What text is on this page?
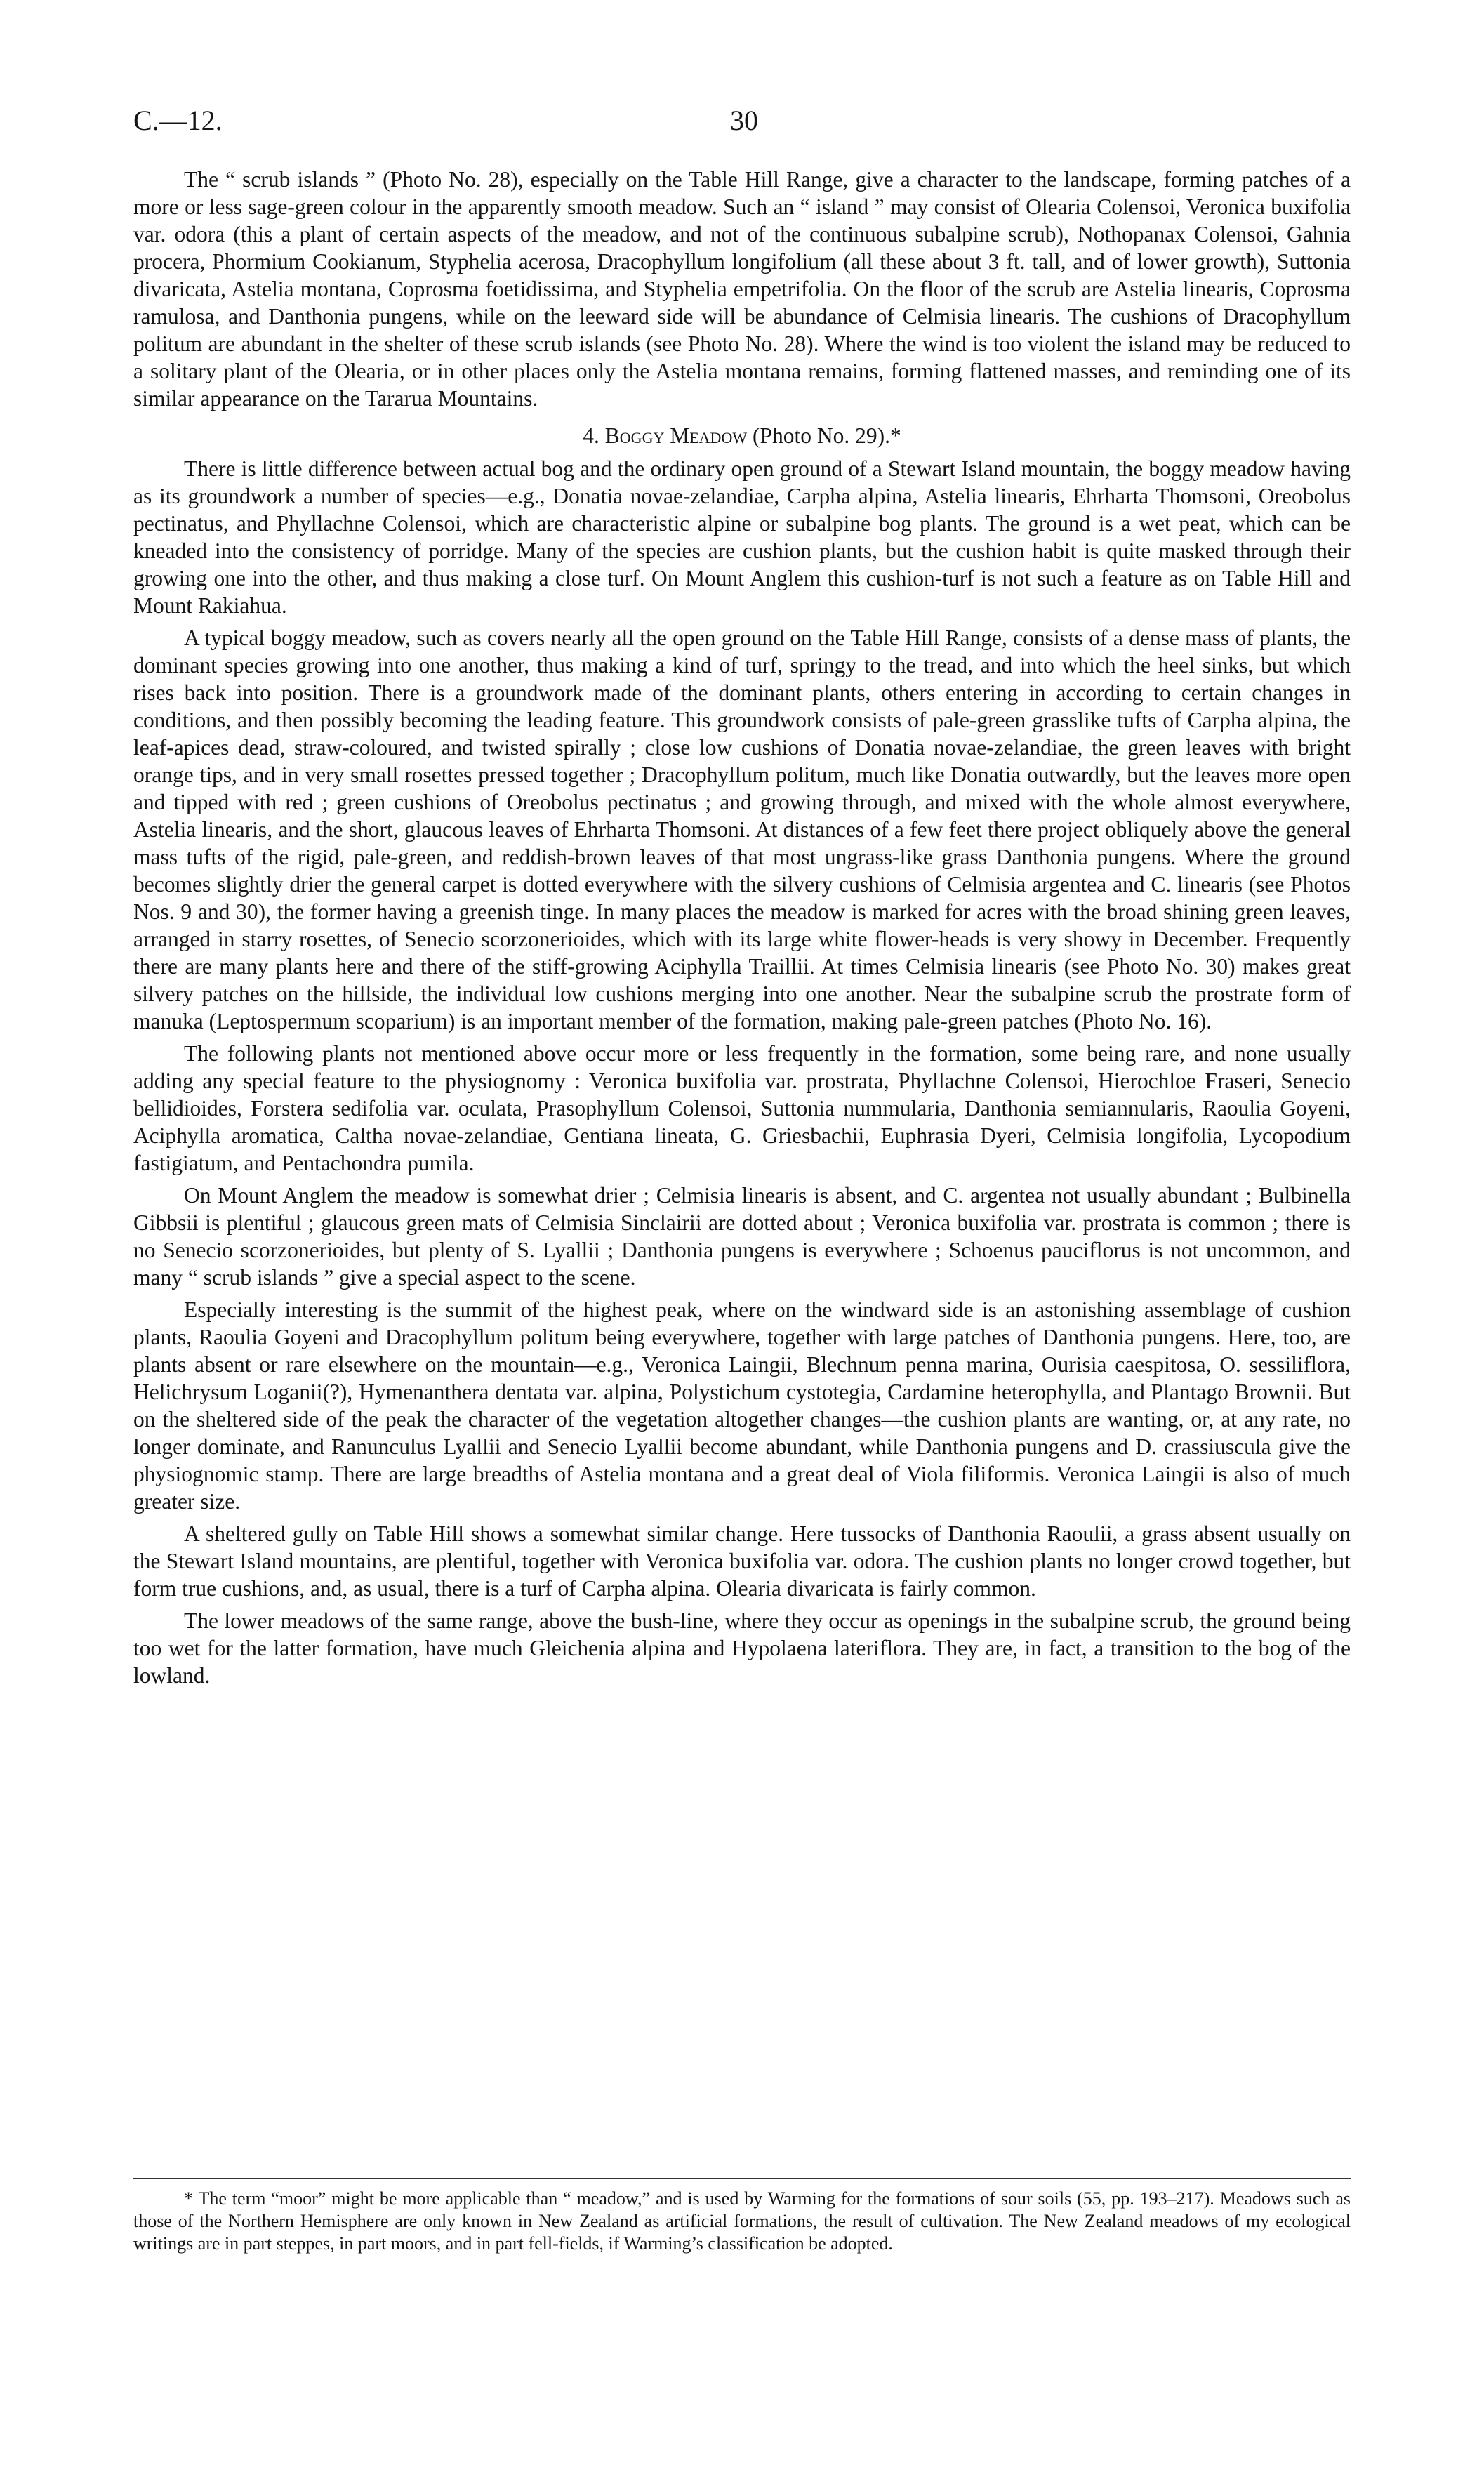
C.—12.	30

The “ scrub islands ” (Photo No. 28), especially on the Table Hill Range, give a character to the landscape, forming patches of a more or less sage-green colour in the apparently smooth meadow. Such an “ island ” may consist of Olearia Colensoi, Veronica buxifolia var. odora (this a plant of certain aspects of the meadow, and not of the continuous subalpine scrub), Nothopanax Colensoi, Gahnia procera, Phormium Cookianum, Styphelia acerosa, Dracophyllum longifolium (all these about 3 ft. tall, and of lower growth), Suttonia divaricata, Astelia montana, Coprosma foetidissima, and Styphelia empetrifolia. On the floor of the scrub are Astelia linearis, Coprosma ramulosa, and Danthonia pungens, while on the leeward side will be abundance of Celmisia linearis. The cushions of Dracophyllum politum are abundant in the shelter of these scrub islands (see Photo No. 28). Where the wind is too violent the island may be reduced to a solitary plant of the Olearia, or in other places only the Astelia montana remains, forming flattened masses, and reminding one of its similar appearance on the Tararua Mountains.

4. Boggy Meadow (Photo No. 29).*

There is little difference between actual bog and the ordinary open ground of a Stewart Island mountain, the boggy meadow having as its groundwork a number of species—e.g., Donatia novae-zelandiae, Carpha alpina, Astelia linearis, Ehrharta Thomsoni, Oreobolus pectinatus, and Phyllachne Colensoi, which are characteristic alpine or subalpine bog plants. The ground is a wet peat, which can be kneaded into the consistency of porridge. Many of the species are cushion plants, but the cushion habit is quite masked through their growing one into the other, and thus making a close turf. On Mount Anglem this cushion-turf is not such a feature as on Table Hill and Mount Rakiahua.

A typical boggy meadow, such as covers nearly all the open ground on the Table Hill Range, consists of a dense mass of plants, the dominant species growing into one another, thus making a kind of turf, springy to the tread, and into which the heel sinks, but which rises back into position. There is a groundwork made of the dominant plants, others entering in according to certain changes in conditions, and then possibly becoming the leading feature. This groundwork consists of pale-green grasslike tufts of Carpha alpina, the leaf-apices dead, straw-coloured, and twisted spirally ; close low cushions of Donatia novae-zelandiae, the green leaves with bright orange tips, and in very small rosettes pressed together ; Dracophyllum politum, much like Donatia outwardly, but the leaves more open and tipped with red ; green cushions of Oreobolus pectinatus ; and growing through, and mixed with the whole almost everywhere, Astelia linearis, and the short, glaucous leaves of Ehrharta Thomsoni. At distances of a few feet there project obliquely above the general mass tufts of the rigid, pale-green, and reddish-brown leaves of that most ungrass-like grass Danthonia pungens. Where the ground becomes slightly drier the general carpet is dotted everywhere with the silvery cushions of Celmisia argentea and C. linearis (see Photos Nos. 9 and 30), the former having a greenish tinge. In many places the meadow is marked for acres with the broad shining green leaves, arranged in starry rosettes, of Senecio scorzonerioides, which with its large white flower-heads is very showy in December. Frequently there are many plants here and there of the stiff-growing Aciphylla Traillii. At times Celmisia linearis (see Photo No. 30) makes great silvery patches on the hillside, the individual low cushions merging into one another. Near the subalpine scrub the prostrate form of manuka (Leptospermum scoparium) is an important member of the formation, making pale-green patches (Photo No. 16).

The following plants not mentioned above occur more or less frequently in the formation, some being rare, and none usually adding any special feature to the physiognomy : Veronica buxifolia var. prostrata, Phyllachne Colensoi, Hierochloe Fraseri, Senecio bellidioides, Forstera sedifolia var. oculata, Prasophyllum Colensoi, Suttonia nummularia, Danthonia semiannularis, Raoulia Goyeni, Aciphylla aromatica, Caltha novae-zelandiae, Gentiana lineata, G. Griesbachii, Euphrasia Dyeri, Celmisia longifolia, Lycopodium fastigiatum, and Pentachondra pumila.

On Mount Anglem the meadow is somewhat drier ; Celmisia linearis is absent, and C. argentea not usually abundant ; Bulbinella Gibbsii is plentiful ; glaucous green mats of Celmisia Sinclairii are dotted about ; Veronica buxifolia var. prostrata is common ; there is no Senecio scorzonerioides, but plenty of S. Lyallii ; Danthonia pungens is everywhere ; Schoenus pauciflorus is not uncommon, and many “ scrub islands ” give a special aspect to the scene.

Especially interesting is the summit of the highest peak, where on the windward side is an astonishing assemblage of cushion plants, Raoulia Goyeni and Dracophyllum politum being everywhere, together with large patches of Danthonia pungens. Here, too, are plants absent or rare elsewhere on the mountain—e.g., Veronica Laingii, Blechnum penna marina, Ourisia caespitosa, O. sessiliflora, Helichrysum Loganii(?), Hymenanthera dentata var. alpina, Polystichum cystotegia, Cardamine heterophylla, and Plantago Brownii. But on the sheltered side of the peak the character of the vegetation altogether changes—the cushion plants are wanting, or, at any rate, no longer dominate, and Ranunculus Lyallii and Senecio Lyallii become abundant, while Danthonia pungens and D. crassiuscula give the physiognomic stamp. There are large breadths of Astelia montana and a great deal of Viola filiformis. Veronica Laingii is also of much greater size.

A sheltered gully on Table Hill shows a somewhat similar change. Here tussocks of Danthonia Raoulii, a grass absent usually on the Stewart Island mountains, are plentiful, together with Veronica buxifolia var. odora. The cushion plants no longer crowd together, but form true cushions, and, as usual, there is a turf of Carpha alpina. Olearia divaricata is fairly common.

The lower meadows of the same range, above the bush-line, where they occur as openings in the subalpine scrub, the ground being too wet for the latter formation, have much Gleichenia alpina and Hypolaena lateriflora. They are, in fact, a transition to the bog of the lowland.

* The term “moor” might be more applicable than “ meadow,” and is used by Warming for the formations of sour soils (55, pp. 193–217). Meadows such as those of the Northern Hemisphere are only known in New Zealand as artificial formations, the result of cultivation. The New Zealand meadows of my ecological writings are in part steppes, in part moors, and in part fell-fields, if Warming’s classification be adopted.
